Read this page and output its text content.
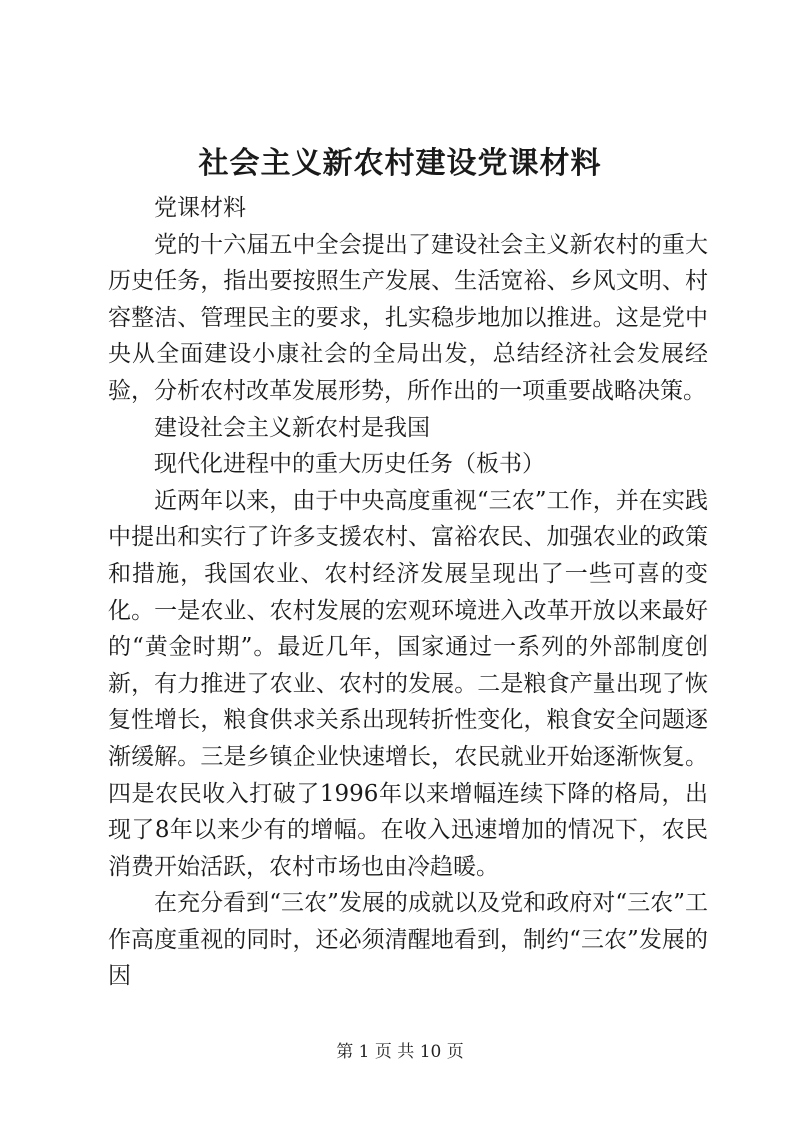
社会主义新农村建设党课材料

党课材料

党的十六届五中全会提出了建设社会主义新农村的重大历史任务，指出要按照生产发展、生活宽裕、乡风文明、村容整洁、管理民主的要求，扎实稳步地加以推进。这是党中央从全面建设小康社会的全局出发，总结经济社会发展经验，分析农村改革发展形势，所作出的一项重要战略决策。

建设社会主义新农村是我国

现代化进程中的重大历史任务（板书）

近两年以来，由于中央高度重视“三农”工作，并在实践中提出和实行了许多支援农村、富裕农民、加强农业的政策和措施，我国农业、农村经济发展呈现出了一些可喜的变化。一是农业、农村发展的宏观环境进入改革开放以来最好的“黄金时期”。最近几年，国家通过一系列的外部制度创新，有力推进了农业、农村的发展。二是粮食产量出现了恢复性增长，粮食供求关系出现转折性变化，粮食安全问题逐渐缓解。三是乡镇企业快速增长，农民就业开始逐渐恢复。四是农民收入打破了1996年以来增幅连续下降的格局，出现了8年以来少有的增幅。在收入迅速增加的情况下，农民消费开始活跃，农村市场也由冷趋暖。

在充分看到“三农”发展的成就以及党和政府对“三农”工作高度重视的同时，还必须清醒地看到，制约“三农”发展的因

第 1 页 共 10 页
